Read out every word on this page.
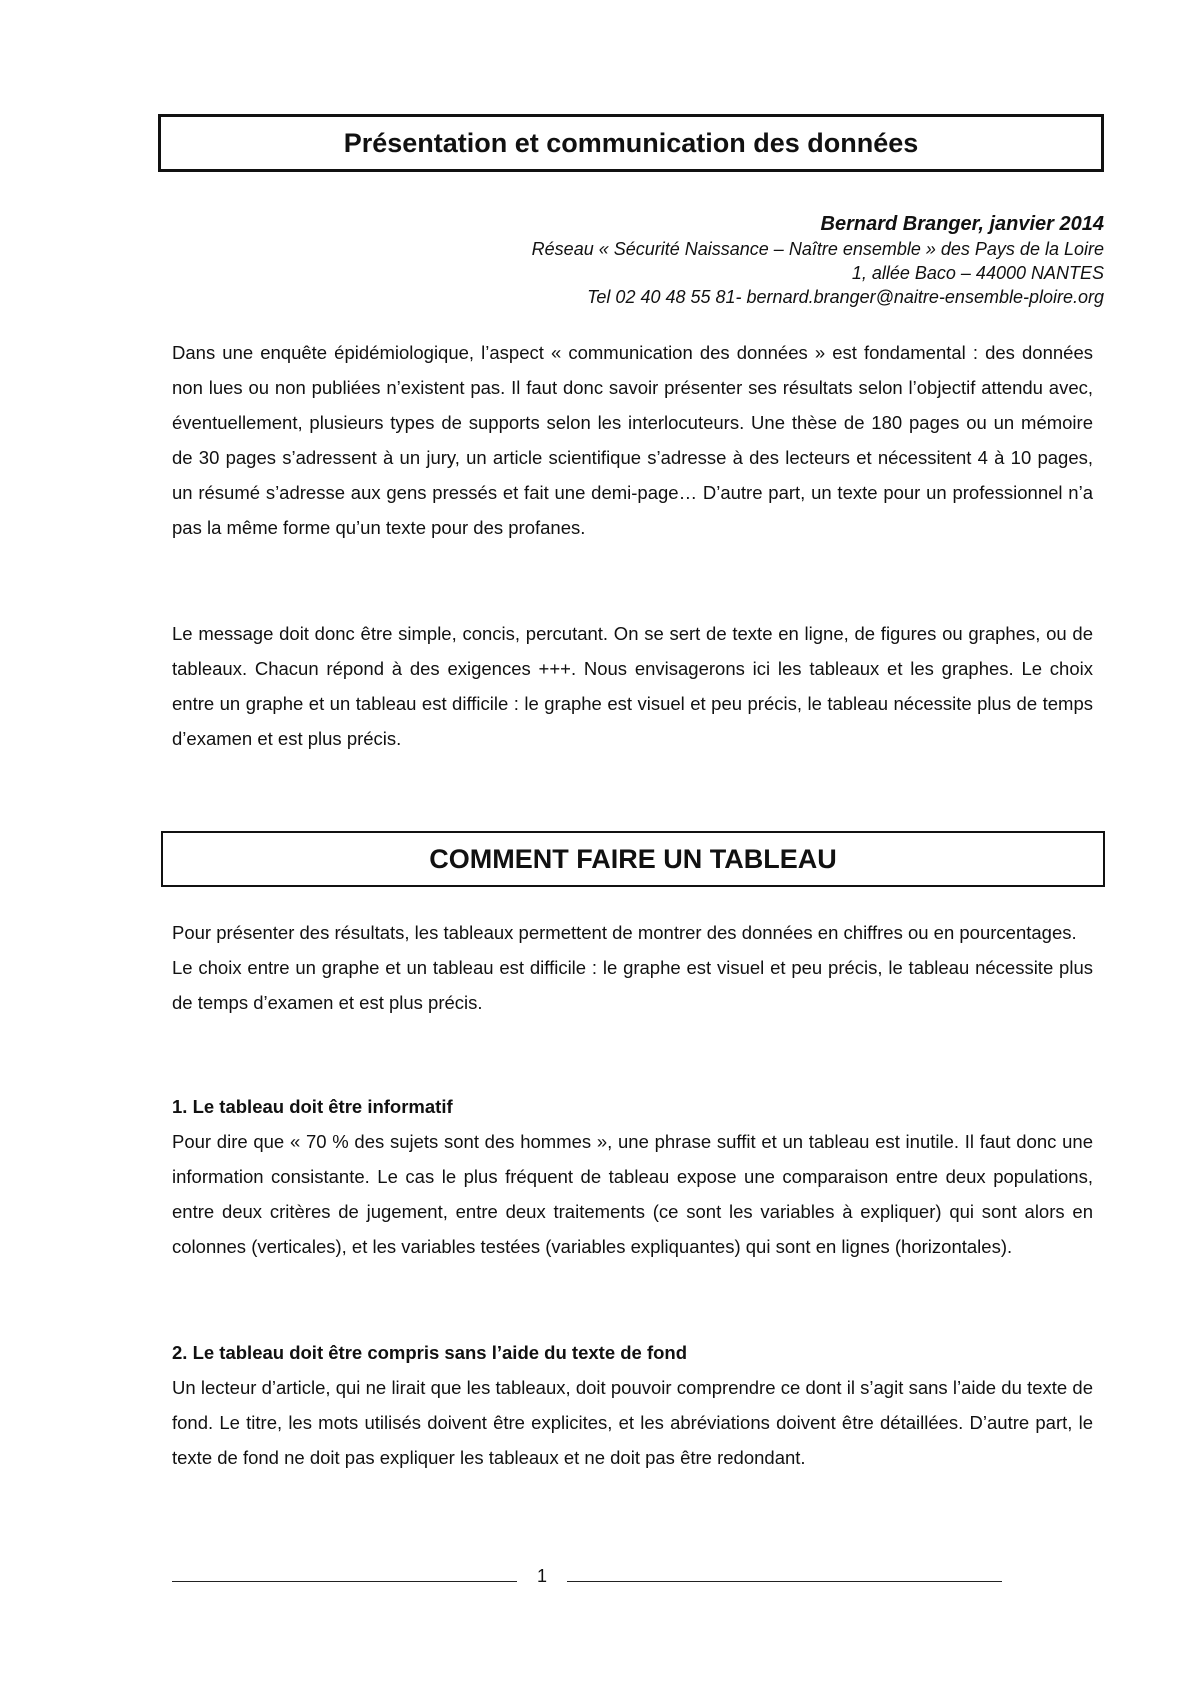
Présentation et communication des données
Bernard Branger, janvier 2014
Réseau « Sécurité Naissance – Naître ensemble » des Pays de la Loire
1, allée Baco – 44000 NANTES
Tel 02 40 48 55 81- bernard.branger@naitre-ensemble-ploire.org

Dans une enquête épidémiologique, l’aspect « communication des données » est fondamental : des données non lues ou non publiées n’existent pas. Il faut donc savoir présenter ses résultats selon l’objectif attendu avec, éventuellement, plusieurs types de supports selon les interlocuteurs. Une thèse de 180 pages ou un mémoire de 30 pages s’adressent à un jury, un article scientifique s’adresse à des lecteurs et nécessitent 4 à 10 pages, un résumé s’adresse aux gens pressés et fait une demi-page… D’autre part, un texte pour un professionnel n’a pas la même forme qu’un texte pour des profanes.

Le message doit donc être simple, concis, percutant. On se sert de texte en ligne, de figures ou graphes, ou de tableaux. Chacun répond à des exigences +++. Nous envisagerons ici les tableaux et les graphes. Le choix entre un graphe et un tableau est difficile : le graphe est visuel et peu précis, le tableau nécessite plus de temps d’examen et est plus précis.

COMMENT FAIRE UN TABLEAU
Pour présenter des résultats, les tableaux permettent de montrer des données en chiffres ou en pourcentages.
Le choix entre un graphe et un tableau est difficile : le graphe est visuel et peu précis, le tableau nécessite plus de temps d’examen et est plus précis.
1. Le tableau doit être informatif
Pour dire que « 70 % des sujets sont des hommes », une phrase suffit et un tableau est inutile. Il faut donc une information consistante. Le cas le plus fréquent de tableau expose une comparaison entre deux populations, entre deux critères de jugement, entre deux traitements (ce sont les variables à expliquer) qui sont alors en colonnes (verticales), et les variables testées (variables expliquantes) qui sont en lignes (horizontales).
2. Le tableau doit être compris sans l’aide du texte de fond
Un lecteur d’article, qui ne lirait que les tableaux, doit pouvoir comprendre ce dont il s’agit sans l’aide du texte de fond. Le titre, les mots utilisés doivent être explicites, et les abréviations doivent être détaillées. D’autre part, le texte de fond ne doit pas expliquer les tableaux et ne doit pas être redondant.
1
